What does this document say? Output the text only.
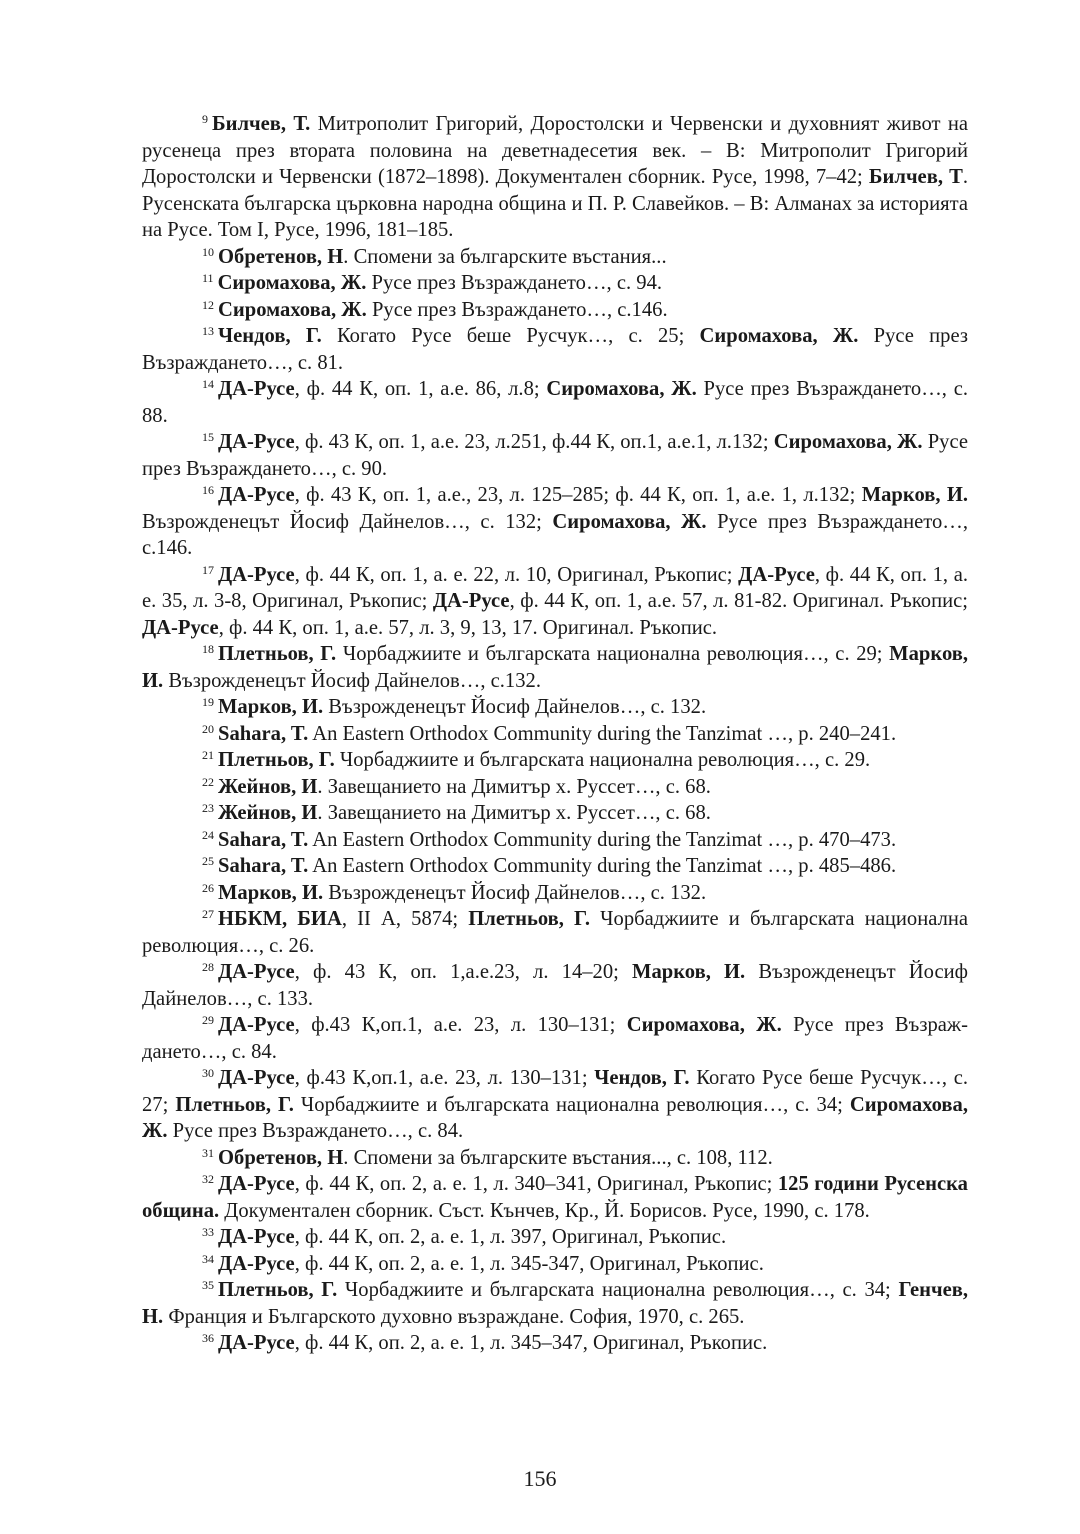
$^9$ Билчев, Т. Митрополит Григорий, Доростолски и Червенски и духовният живот на русенеца през втората половина на деветнадесетия век. – В: Митрополит Григорий Доростолски и Червенски (1872–1898). Документален сборник. Русе, 1998, 7–42; Билчев, Т. Русенската българска църковна народна община и П. Р. Славейков. – В: Алманах за историята на Русе. Том I, Русе, 1996, 181–185.

$^{10}$ Обретенов, Н. Спомени за българските въстания...

$^{11}$ Сиромахова, Ж. Русе през Възраждането…, с. 94.

$^{12}$ Сиромахова, Ж. Русе през Възраждането…, с.146.

$^{13}$ Чендов, Г. Когато Русе беше Русчук…, с. 25; Сиромахова, Ж. Русе през Възраждането…, с. 81.

$^{14}$ ДА-Русе, ф. 44 К, оп. 1, а.е. 86, л.8; Сиромахова, Ж. Русе през Възраждането…, с. 88.

$^{15}$ ДА-Русе, ф. 43 К, оп. 1, а.е. 23, л.251, ф.44 К, оп.1, а.е.1, л.132; Сиромахова, Ж. Русе през Възраждането…, с. 90.

$^{16}$ ДА-Русе, ф. 43 К, оп. 1, а.е., 23, л. 125–285; ф. 44 К, оп. 1, а.е. 1, л.132; Марков, И. Възрожденецът Йосиф Дайнелов…, с. 132; Сиромахова, Ж. Русе през Възраждането…, с.146.

$^{17}$ ДА-Русе, ф. 44 К, оп. 1, а. е. 22, л. 10, Оригинал, Ръкопис; ДА-Русе, ф. 44 К, оп. 1, а. е. 35, л. 3-8, Оригинал, Ръкопис; ДА-Русе, ф. 44 К, оп. 1, а.е. 57, л. 81-82. Оригинал. Ръкопис; ДА-Русе, ф. 44 К, оп. 1, а.е. 57, л. 3, 9, 13, 17. Оригинал. Ръкопис.

$^{18}$ Плетньов, Г. Чорбаджиите и българската национална революция…, с. 29; Марков, И. Възрожденецът Йосиф Дайнелов…, с.132.

$^{19}$ Марков, И. Възрожденецът Йосиф Дайнелов…, с. 132.

$^{20}$ Sahara, T. An Eastern Orthodox Community during the Tanzimat …, p. 240–241.

$^{21}$ Плетньов, Г. Чорбаджиите и българската национална революция…, с. 29.

$^{22}$ Жейнов, И. Завещанието на Димитър х. Руссет…, с. 68.

$^{23}$ Жейнов, И. Завещанието на Димитър х. Руссет…, с. 68.

$^{24}$ Sahara, T. An Eastern Orthodox Community during the Tanzimat …, p. 470–473.

$^{25}$ Sahara, T. An Eastern Orthodox Community during the Tanzimat …, p. 485–486.

$^{26}$ Марков, И. Възрожденецът Йосиф Дайнелов…, с. 132.

$^{27}$ НБКМ, БИА, II А, 5874; Плетньов, Г. Чорбаджиите и българската национална революция…, с. 26.

$^{28}$ ДА-Русе, ф. 43 К, оп. 1,а.е.23, л. 14–20; Марков, И. Възрожденецът Йосиф Дайнелов…, с. 133.

$^{29}$ ДА-Русе, ф.43 К,оп.1, а.е. 23, л. 130–131; Сиромахова, Ж. Русе през Възраждането…, с. 84.

$^{30}$ ДА-Русе, ф.43 К,оп.1, а.е. 23, л. 130–131; Чендов, Г. Когато Русе беше Русчук…, с. 27; Плетньов, Г. Чорбаджиите и българската национална революция…, с. 34; Сиромахова, Ж. Русе през Възраждането…, с. 84.

$^{31}$ Обретенов, Н. Спомени за българските въстания..., с. 108, 112.

$^{32}$ ДА-Русе, ф. 44 К, оп. 2, а. е. 1, л. 340–341, Оригинал, Ръкопис; 125 години Русенска община. Документален сборник. Съст. Кънчев, Кр., Й. Борисов. Русе, 1990, с. 178.

$^{33}$ ДА-Русе, ф. 44 К, оп. 2, а. е. 1, л. 397, Оригинал, Ръкопис.

$^{34}$ ДА-Русе, ф. 44 К, оп. 2, а. е. 1, л. 345-347, Оригинал, Ръкопис.

$^{35}$ Плетньов, Г. Чорбаджиите и българската национална революция…, с. 34; Генчев, Н. Франция и Българското духовно възраждане. София, 1970, с. 265.

$^{36}$ ДА-Русе, ф. 44 К, оп. 2, а. е. 1, л. 345–347, Оригинал, Ръкопис.

156
